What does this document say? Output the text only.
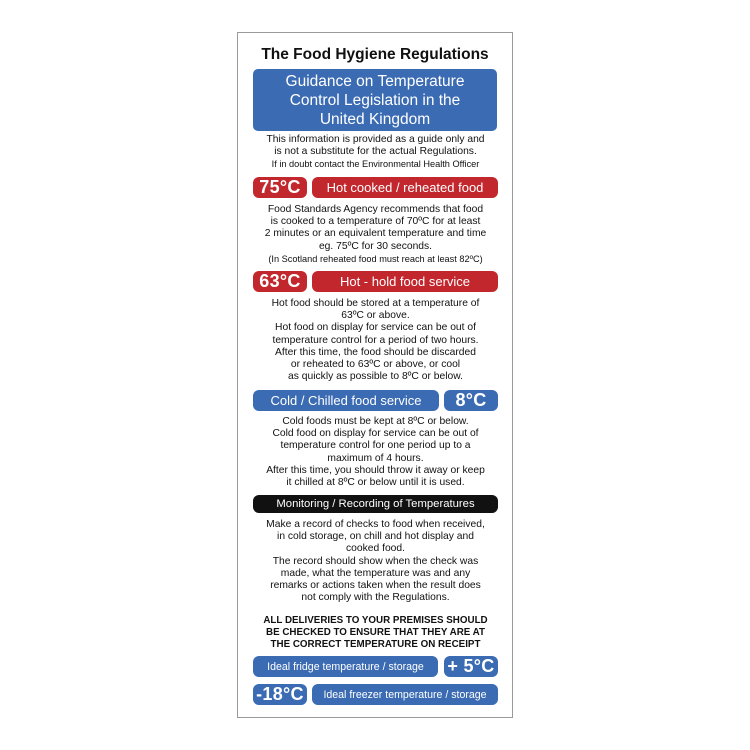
The Food Hygiene Regulations
Guidance on Temperature
Control Legislation in the
United Kingdom
This information is provided as a guide only and
is not a substitute for the actual Regulations.
If in doubt contact the Environmental Health Officer
75°C	Hot cooked / reheated food
Food Standards Agency recommends that food
is cooked to a temperature of 70ºC for at least
2 minutes or an equivalent temperature and time
eg. 75ºC for 30 seconds.
(In Scotland reheated food must reach at least 82ºC)
63°C	Hot - hold food service
Hot food should be stored at a temperature of
63ºC or above.
Hot food on display for service can be out of
temperature control for a period of two hours.
After this time, the food should be discarded
or reheated to 63ºC or above, or cool
as quickly as possible to 8ºC or below.
Cold / Chilled food service	8°C
Cold foods must be kept at 8ºC or below.
Cold food on display for service can be out of
temperature control for one period up to a
maximum of 4 hours.
After this time, you should throw it away or keep
it chilled at 8ºC or below until it is used.
Monitoring / Recording of Temperatures
Make a record of checks to food when received,
in cold storage, on chill and hot display and
cooked food.
The record should show when the check was
made, what the temperature was and any
remarks or actions taken when the result does
not comply with the Regulations.
ALL DELIVERIES TO YOUR PREMISES SHOULD
BE CHECKED TO ENSURE THAT THEY ARE AT
THE CORRECT TEMPERATURE ON RECEIPT
Ideal fridge temperature / storage	+ 5°C
-18°C	Ideal freezer temperature / storage
